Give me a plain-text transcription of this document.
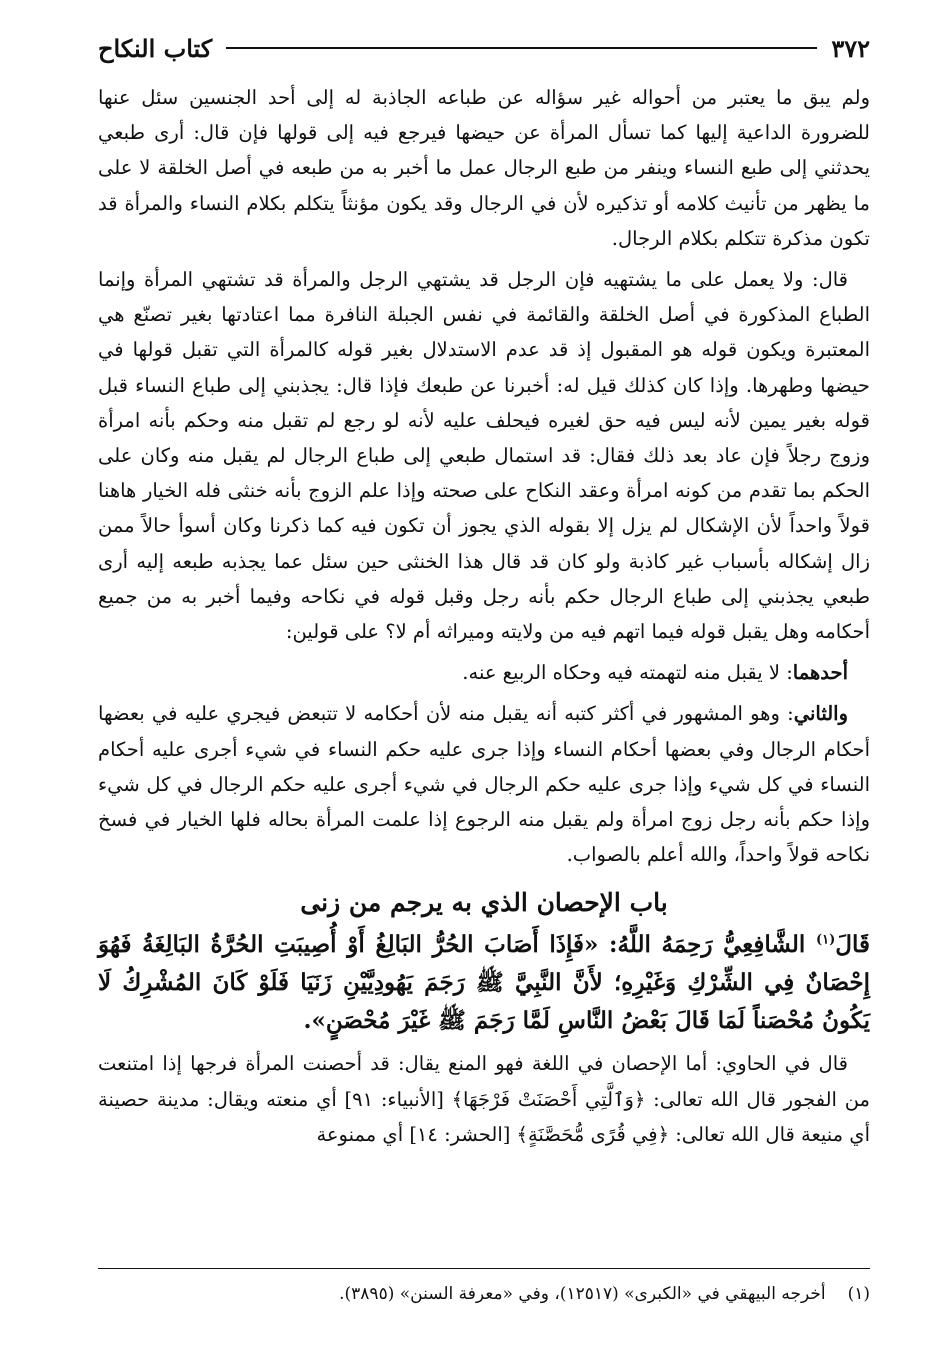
٣٧٢
كتاب النكاح

ولم يبق ما يعتبر من أحواله غير سؤاله عن طباعه الجاذبة له إلى أحد الجنسين سئل عنها للضرورة الداعية إليها كما تسأل المرأة عن حيضها فيرجع فيه إلى قولها فإن قال: أرى طبعي يحدثني إلى طبع النساء وينفر من طبع الرجال عمل ما أخبر به من طبعه في أصل الخلقة لا على ما يظهر من تأنيث كلامه أو تذكيره لأن في الرجال وقد يكون مؤنثاً يتكلم بكلام النساء والمرأة قد تكون مذكرة تتكلم بكلام الرجال.

قال: ولا يعمل على ما يشتهيه فإن الرجل قد يشتهي الرجل والمرأة قد تشتهي المرأة وإنما الطباع المذكورة في أصل الخلقة والقائمة في نفس الجبلة النافرة مما اعتادتها بغير تصنّع هي المعتبرة ويكون قوله هو المقبول إذ قد عدم الاستدلال بغير قوله كالمرأة التي تقبل قولها في حيضها وطهرها. وإذا كان كذلك قيل له: أخبرنا عن طبعك فإذا قال: يجذبني إلى طباع النساء قبل قوله بغير يمين لأنه ليس فيه حق لغيره فيحلف عليه لأنه لو رجع لم تقبل منه وحكم بأنه امرأة وزوج رجلاً فإن عاد بعد ذلك فقال: قد استمال طبعي إلى طباع الرجال لم يقبل منه وكان على الحكم بما تقدم من كونه امرأة وعقد النكاح على صحته وإذا علم الزوج بأنه خنثى فله الخيار هاهنا قولاً واحداً لأن الإشكال لم يزل إلا بقوله الذي يجوز أن تكون فيه كما ذكرنا وكان أسوأ حالاً ممن زال إشكاله بأسباب غير كاذبة ولو كان قد قال هذا الخنثى حين سئل عما يجذبه طبعه إليه أرى طبعي يجذبني إلى طباع الرجال حكم بأنه رجل وقبل قوله في نكاحه وفيما أخبر به من جميع أحكامه وهل يقبل قوله فيما اتهم فيه من ولايته وميراثه أم لا؟ على قولين:

أحدهما: لا يقبل منه لتهمته فيه وحكاه الربيع عنه.

والثاني: وهو المشهور في أكثر كتبه أنه يقبل منه لأن أحكامه لا تتبعض فيجري عليه في بعضها أحكام الرجال وفي بعضها أحكام النساء وإذا جرى عليه حكم النساء في شيء أجرى عليه أحكام النساء في كل شيء وإذا جرى عليه حكم الرجال في شيء أجرى عليه حكم الرجال في كل شيء وإذا حكم بأنه رجل زوج امرأة ولم يقبل منه الرجوع إذا علمت المرأة بحاله فلها الخيار في فسخ نكاحه قولاً واحداً، والله أعلم بالصواب.

باب الإحصان الذي به يرجم من زنى

قَالَ$^{(١)}$ الشَّافِعِيُّ رَحِمَهُ اللَّهُ: «فَإِذَا أَصَابَ الحُرُّ البَالِغُ أَوْ أُصِيبَتِ الحُرَّةُ البَالِغَةُ فَهُوَ إِحْصَانٌ فِي الشِّرْكِ وَغَيْرِهِ؛ لأَنَّ النَّبِيَّ ﷺ رَجَمَ يَهُودِيَّيْنِ زَنَيَا فَلَوْ كَانَ المُشْرِكُ لَا يَكُونُ مُحْصَناً لَمَا قَالَ بَعْضُ النَّاسِ لَمَّا رَجَمَ ﷺ غَيْرَ مُحْصَنٍ».

قال في الحاوي: أما الإحصان في اللغة فهو المنع يقال: قد أحصنت المرأة فرجها إذا امتنعت من الفجور قال الله تعالى: ﴿وَٱلَّتِي أَحْصَنَتْ فَرْجَهَا﴾ [الأنبياء: ٩١] أي منعته ويقال: مدينة حصينة أي منيعة قال الله تعالى: ﴿فِي قُرًى مُّحَصَّنَةٍ﴾ [الحشر: ١٤] أي ممنوعة

(١)أخرجه البيهقي في «الكبرى» (١٢٥١٧)، وفي «معرفة السنن» (٣٨٩٥).
